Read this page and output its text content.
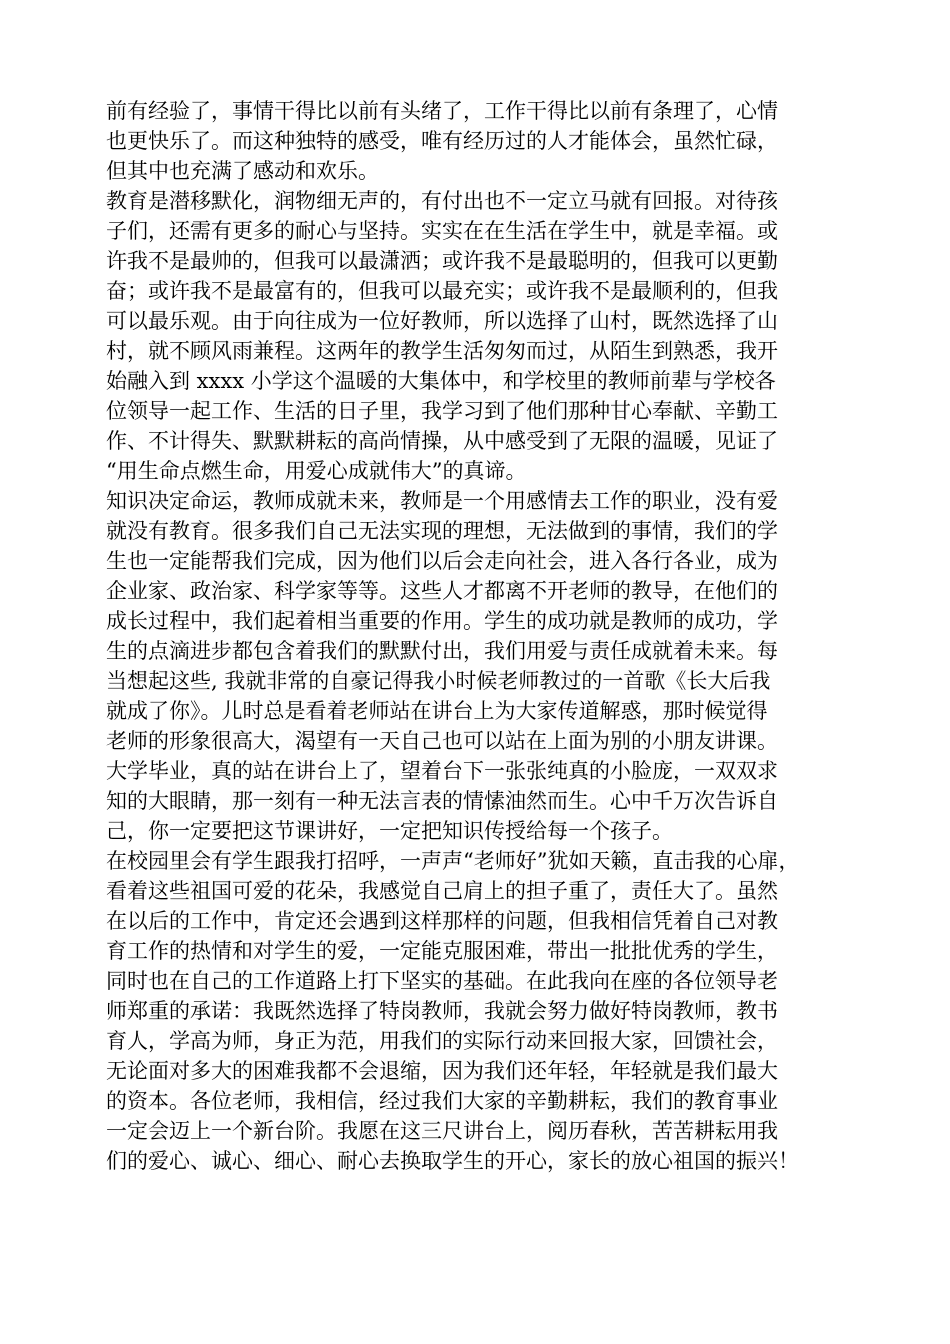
前有经验了，事情干得比以前有头绪了，工作干得比以前有条理了，心情
也更快乐了。而这种独特的感受，唯有经历过的人才能体会，虽然忙碌，
但其中也充满了感动和欢乐。
教育是潜移默化，润物细无声的，有付出也不一定立马就有回报。对待孩
子们，还需有更多的耐心与坚持。实实在在生活在学生中，就是幸福。或
许我不是最帅的，但我可以最潇洒；或许我不是最聪明的，但我可以更勤
奋；或许我不是最富有的，但我可以最充实；或许我不是最顺利的，但我
可以最乐观。由于向往成为一位好教师，所以选择了山村，既然选择了山
村，就不顾风雨兼程。这两年的教学生活匆匆而过，从陌生到熟悉，我开
始融入到 xxxx 小学这个温暖的大集体中，和学校里的教师前辈与学校各
位领导一起工作、生活的日子里，我学习到了他们那种甘心奉献、辛勤工
作、不计得失、默默耕耘的高尚情操，从中感受到了无限的温暖，见证了
“用生命点燃生命，用爱心成就伟大”的真谛。
知识决定命运，教师成就未来，教师是一个用感情去工作的职业，没有爱
就没有教育。很多我们自己无法实现的理想，无法做到的事情，我们的学
生也一定能帮我们完成，因为他们以后会走向社会，进入各行各业，成为
企业家、政治家、科学家等等。这些人才都离不开老师的教导，在他们的
成长过程中，我们起着相当重要的作用。学生的成功就是教师的成功，学
生的点滴进步都包含着我们的默默付出，我们用爱与责任成就着未来。每
当想起这些, 我就非常的自豪记得我小时候老师教过的一首歌《长大后我
就成了你》。儿时总是看着老师站在讲台上为大家传道解惑，那时候觉得
老师的形象很高大，渴望有一天自己也可以站在上面为别的小朋友讲课。
大学毕业，真的站在讲台上了，望着台下一张张纯真的小脸庞，一双双求
知的大眼睛，那一刻有一种无法言表的情愫油然而生。心中千万次告诉自
己，你一定要把这节课讲好，一定把知识传授给每一个孩子。
在校园里会有学生跟我打招呼，一声声“老师好”犹如天籁，直击我的心扉，
看着这些祖国可爱的花朵，我感觉自己肩上的担子重了，责任大了。虽然
在以后的工作中，肯定还会遇到这样那样的问题，但我相信凭着自己对教
育工作的热情和对学生的爱，一定能克服困难，带出一批批优秀的学生，
同时也在自己的工作道路上打下坚实的基础。在此我向在座的各位领导老
师郑重的承诺：我既然选择了特岗教师，我就会努力做好特岗教师，教书
育人，学高为师，身正为范，用我们的实际行动来回报大家，回馈社会，
无论面对多大的困难我都不会退缩，因为我们还年轻，年轻就是我们最大
的资本。各位老师，我相信，经过我们大家的辛勤耕耘，我们的教育事业
一定会迈上一个新台阶。我愿在这三尺讲台上，阅历春秋，苦苦耕耘用我
们的爱心、诚心、细心、耐心去换取学生的开心，家长的放心祖国的振兴！
